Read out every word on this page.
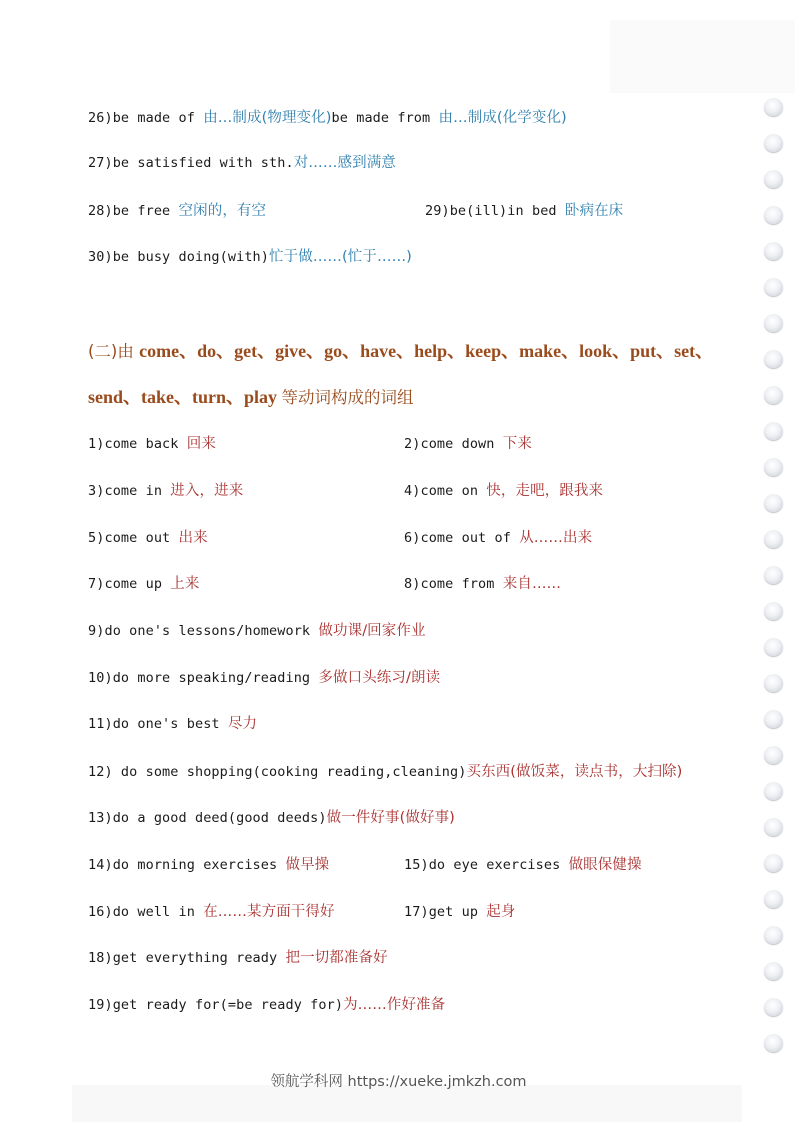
26)be made of 由…制成(物理变化)be made from 由…制成(化学变化)
27)be satisfied with sth.对……感到满意
28)be free 空闲的，有空	29)be(ill)in bed 卧病在床
30)be busy doing(with)忙于做……(忙于……)
(二)由 come、do、get、give、go、have、help、keep、make、look、put、set、
send、take、turn、play 等动词构成的词组
1)come back 回来	2)come down 下来
3)come in 进入，进来	4)come on 快，走吧，跟我来
5)come out 出来	6)come out of 从……出来
7)come up 上来	8)come from 来自……
9)do one's lessons/homework 做功课/回家作业
10)do more speaking/reading 多做口头练习/朗读
11)do one's best 尽力
12) do some shopping(cooking reading,cleaning)买东西(做饭菜，读点书，大扫除)
13)do a good deed(good deeds)做一件好事(做好事)
14)do morning exercises 做早操	15)do eye exercises 做眼保健操
16)do well in 在……某方面干得好	17)get up 起身
18)get everything ready 把一切都准备好
19)get ready for(=be ready for)为……作好准备
领航学科网 https://xueke.jmkzh.com
